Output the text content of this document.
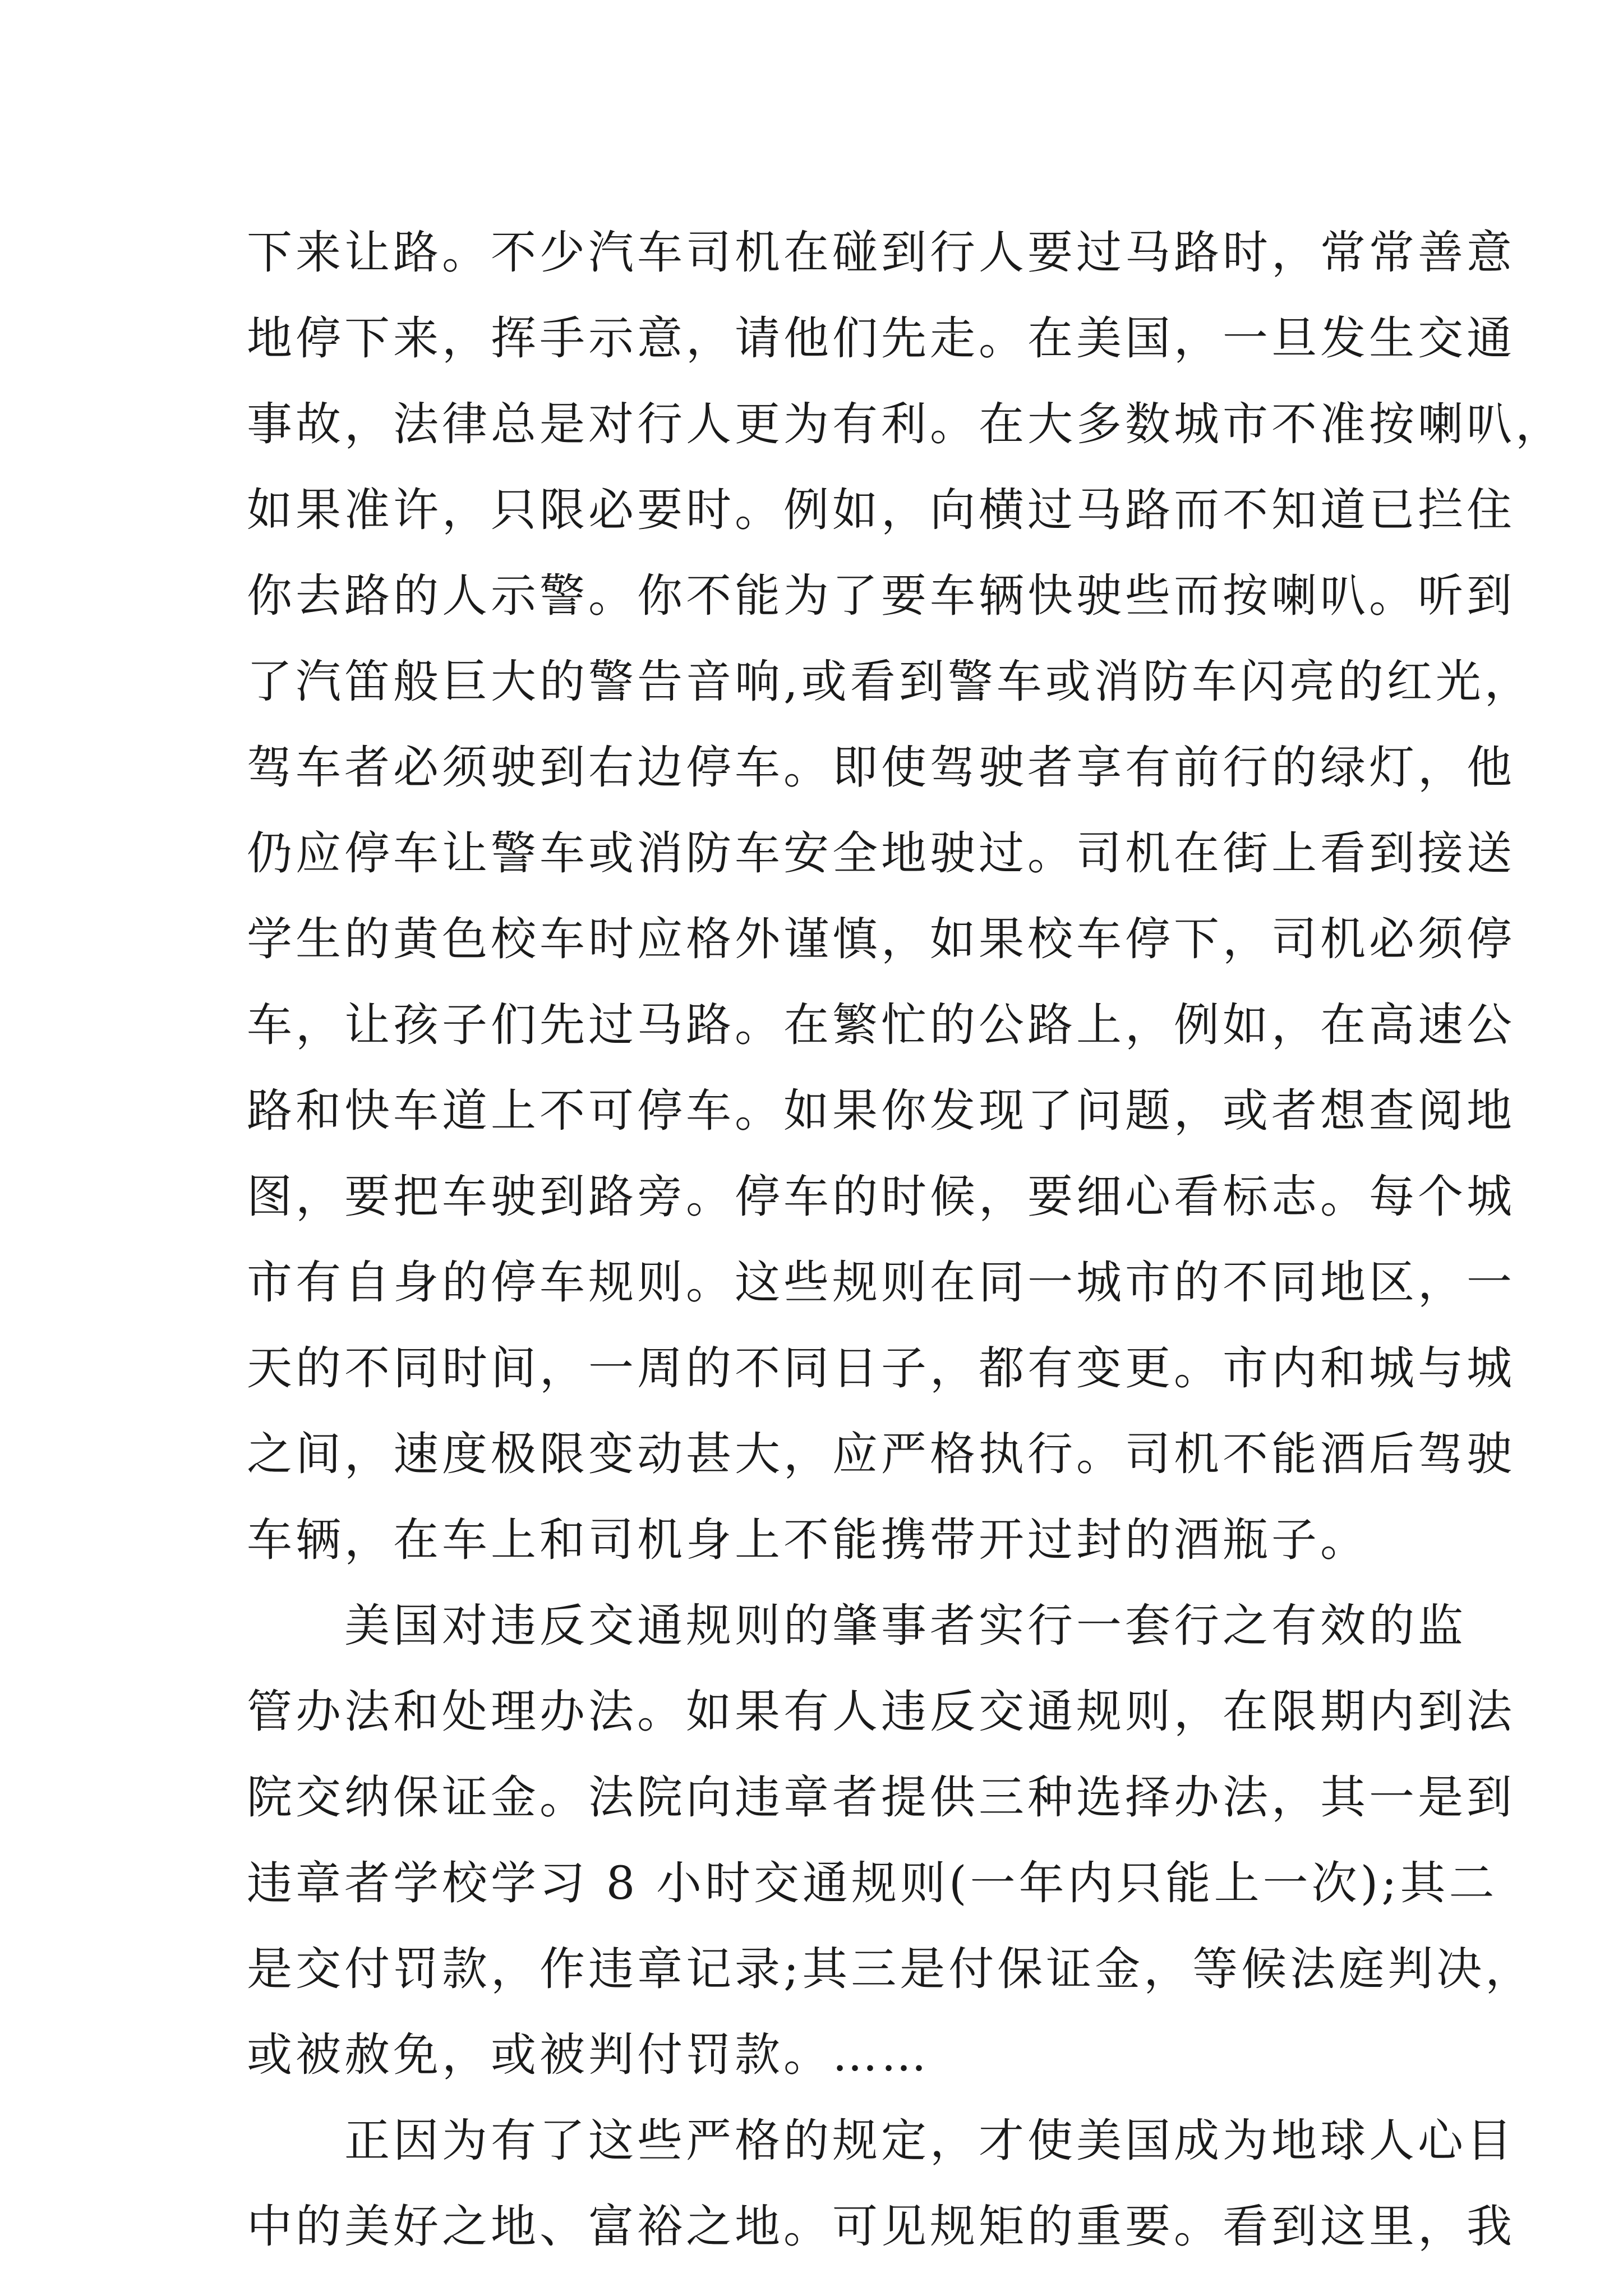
下来让路。不少汽车司机在碰到行人要过马路时，常常善意
地停下来，挥手示意，请他们先走。在美国，一旦发生交通
事故，法律总是对行人更为有利。在大多数城市不准按喇叭，
如果准许，只限必要时。例如，向横过马路而不知道已拦住
你去路的人示警。你不能为了要车辆快驶些而按喇叭。听到
了汽笛般巨大的警告音响,或看到警车或消防车闪亮的红光，
驾车者必须驶到右边停车。即使驾驶者享有前行的绿灯，他
仍应停车让警车或消防车安全地驶过。司机在街上看到接送
学生的黄色校车时应格外谨慎，如果校车停下，司机必须停
车，让孩子们先过马路。在繁忙的公路上，例如，在高速公
路和快车道上不可停车。如果你发现了问题，或者想查阅地
图，要把车驶到路旁。停车的时候，要细心看标志。每个城
市有自身的停车规则。这些规则在同一城市的不同地区，一
天的不同时间，一周的不同日子，都有变更。市内和城与城
之间，速度极限变动甚大，应严格执行。司机不能酒后驾驶
车辆，在车上和司机身上不能携带开过封的酒瓶子。
美国对违反交通规则的肇事者实行一套行之有效的监
管办法和处理办法。如果有人违反交通规则，在限期内到法
院交纳保证金。法院向违章者提供三种选择办法，其一是到
违章者学校学习 8 小时交通规则(一年内只能上一次);其二
是交付罚款，作违章记录;其三是付保证金，等候法庭判决，
或被赦免，或被判付罚款。……
正因为有了这些严格的规定，才使美国成为地球人心目
中的美好之地、富裕之地。可见规矩的重要。看到这里，我
